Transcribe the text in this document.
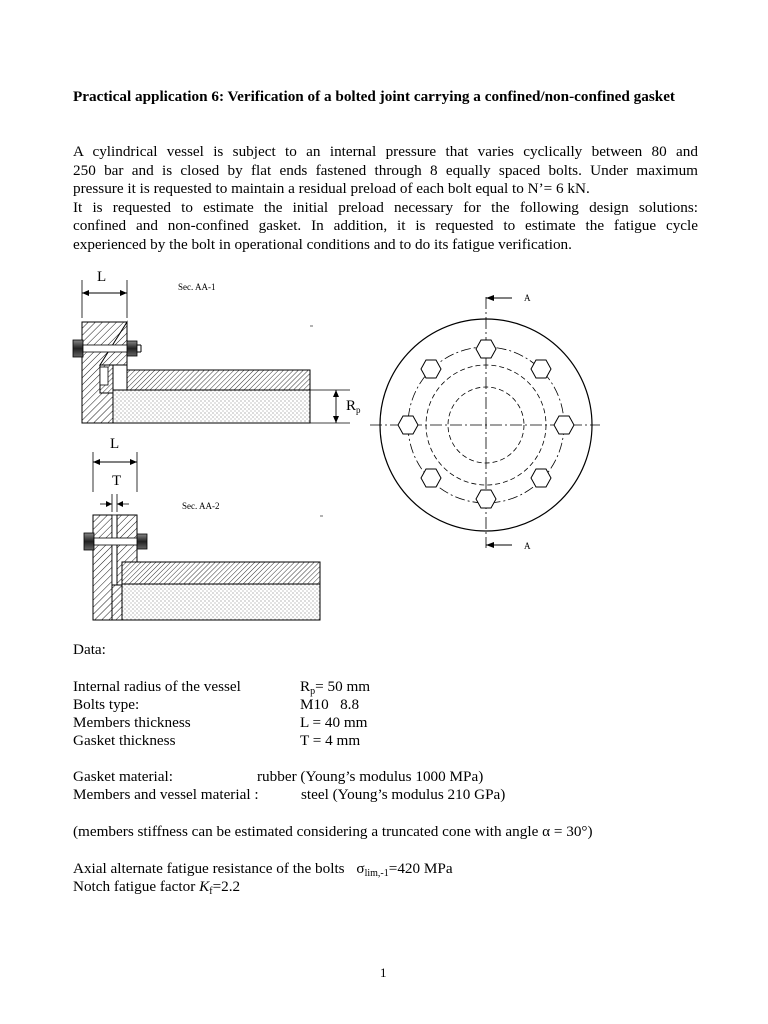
Practical application 6: Verification of a bolted joint carrying a confined/non-confined gasket

A cylindrical vessel is subject to an internal pressure that varies cyclically between 80 and
250 bar and is closed by flat ends fastened through 8 equally spaced bolts. Under maximum
pressure it is requested to maintain a residual preload of each bolt equal to N’= 6 kN.
It is requested to estimate the initial preload necessary for the following design solutions:
confined and non-confined gasket. In addition, it is requested to estimate the fatigue cycle
experienced by the bolt in operational conditions and to do its fatigue verification.

L
Sec. AA-1
$R_p$
L
T
Sec. AA-2
A
A
Data:
Internal radius of the vessel	$R_p= 50$ mm
Bolts type:	M10   8.8
Members thickness	L = 40 mm
Gasket thickness	T = 4 mm
Gasket material:	rubber (Young’s modulus 1000 MPa)
Members and vessel material :	steel (Young’s modulus 210 GPa)
(members stiffness can be estimated considering a truncated cone with angle α = 30°)
Axial alternate fatigue resistance of the bolts $\sigma_{lim,-1}=420$ MPa
Notch fatigue factor $K_f=2.2$
1
